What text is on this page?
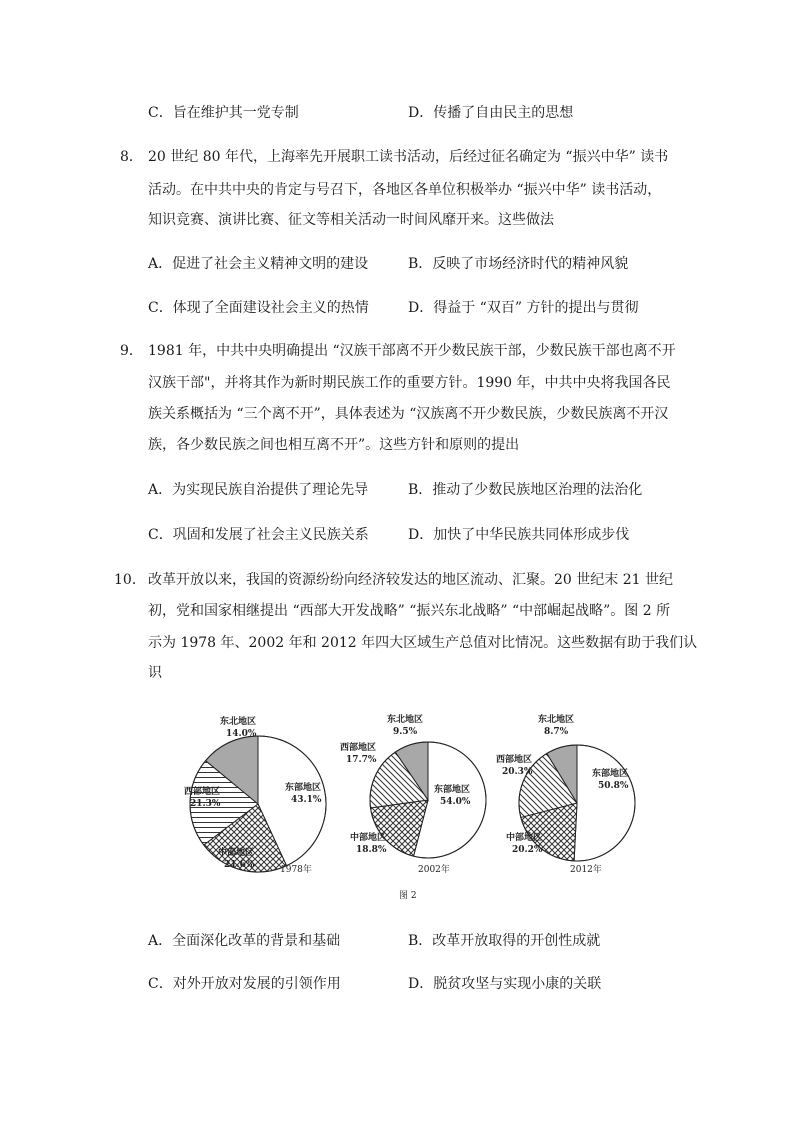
C．旨在维护其一党专制	D．传播了自由民主的思想
8． 20 世纪 80 年代，上海率先开展职工读书活动，后经过征名确定为 “振兴中华” 读书
活动。在中共中央的肯定与号召下，各地区各单位积极举办 “振兴中华” 读书活动，
知识竞赛、演讲比赛、征文等相关活动一时间风靡开来。这些做法
A．促进了社会主义精神文明的建设	B．反映了市场经济时代的精神风貌
C．体现了全面建设社会主义的热情	D．得益于 “双百” 方针的提出与贯彻
9． 1981 年，中共中央明确提出 “汉族干部离不开少数民族干部，少数民族干部也离不开
汉族干部"，并将其作为新时期民族工作的重要方针。1990 年，中共中央将我国各民
族关系概括为 “三个离不开”，具体表述为 “汉族离不开少数民族，少数民族离不开汉
族，各少数民族之间也相互离不开”。这些方针和原则的提出
A．为实现民族自治提供了理论先导	B．推动了少数民族地区治理的法治化
C．巩固和发展了社会主义民族关系	D．加快了中华民族共同体形成步伐
10． 改革开放以来，我国的资源纷纷向经济较发达的地区流动、汇聚。20 世纪末 21 世纪
初，党和国家相继提出 “西部大开发战略” “振兴东北战略” “中部崛起战略”。图 2 所
示为 1978 年、2002 年和 2012 年四大区域生产总值对比情况。这些数据有助于我们认
识
东部地区
43.1%
中部地区
21.6%
西部地区
21.3%
东北地区
14.0%
1978年
东部地区
54.0%
中部地区
18.8%
西部地区
17.7%
东北地区
9.5%
2002年
东部地区
50.8%
中部地区
20.2%
西部地区
20.3%
东北地区
8.7%
2012年
图 2
A．全面深化改革的背景和基础	B．改革开放取得的开创性成就
C．对外开放对发展的引领作用	D．脱贫攻坚与实现小康的关联
